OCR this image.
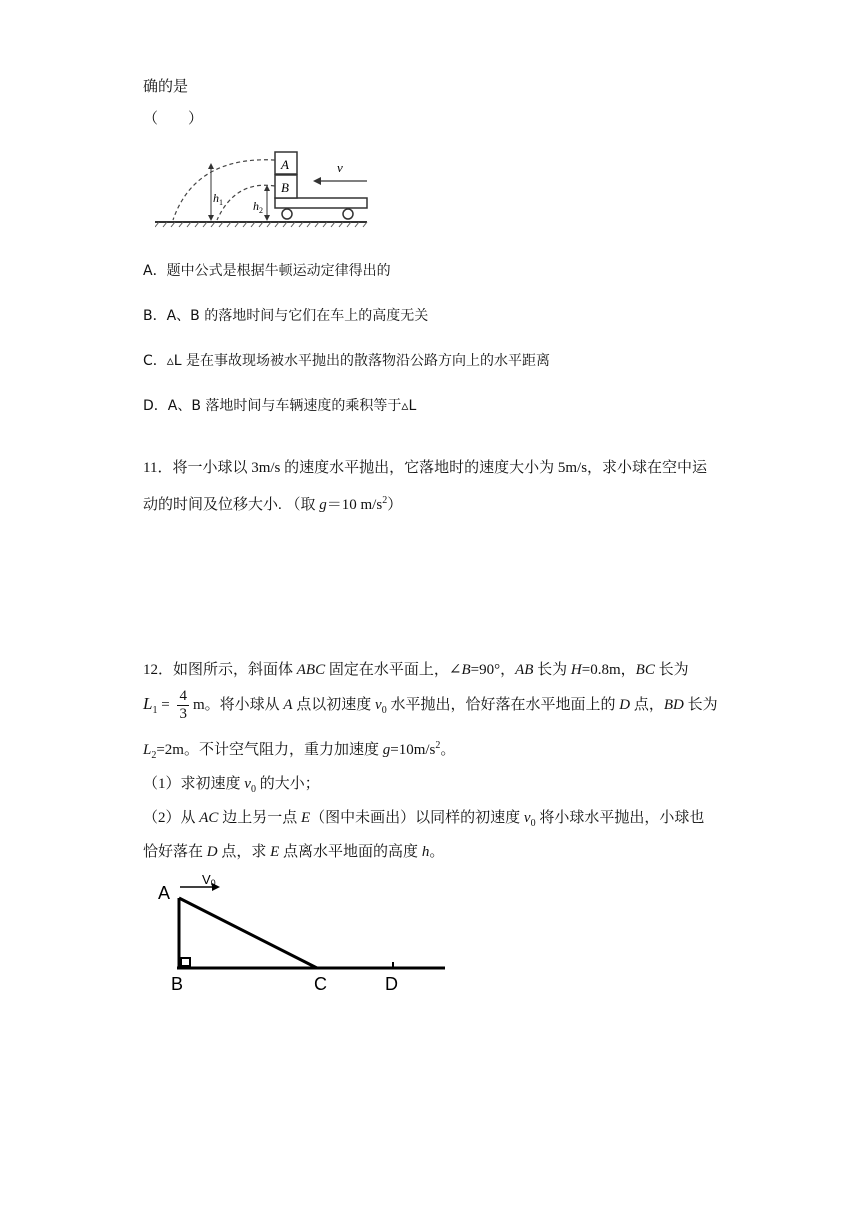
确的是
（　　）
A
B
$h_1$	$h_2$
v
A．题中公式是根据牛顿运动定律得出的
B．A、B 的落地时间与它们在车上的高度无关
C．▵L 是在事故现场被水平抛出的散落物沿公路方向上的水平距离
D．A、B 落地时间与车辆速度的乘积等于▵L
11．将一小球以 3m/s 的速度水平抛出，它落地时的速度大小为 5m/s，求小球在空中运
动的时间及位移大小. （取 g＝10 $m/s^2$）
12．如图所示，斜面体 ABC 固定在水平面上，∠B=90°，AB 长为 H=0.8m，BC 长为
$L_1 = \frac{4}{3}$ m。将小球从 A 点以初速度 $v_0$ 水平抛出，恰好落在水平地面上的 D 点，BD 长为
$L_2=2m$。不计空气阻力，重力加速度 $g=10m/s^2$。
（1）求初速度 $v_0$ 的大小；
（2）从 AC 边上另一点 E（图中未画出）以同样的初速度 $v_0$ 将小球水平抛出，小球也
恰好落在 D 点，求 E 点离水平地面的高度 h。
V0
A
B	C	D
